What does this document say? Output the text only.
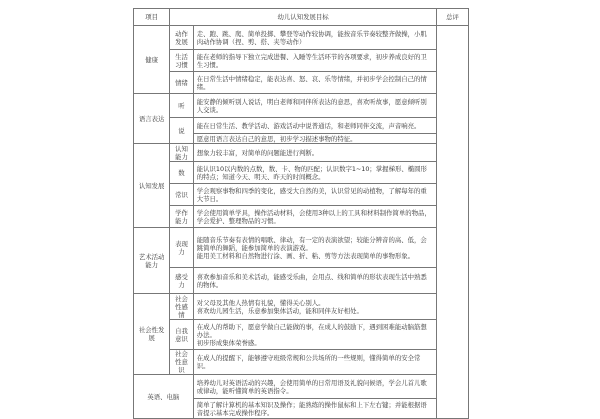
项目	幼儿认知发展目标		总评
健康	动作发展	走、跑、跳、爬、简单投掷、攀登等动作较协调，能按音乐节奏较整齐做操，小肌肉动作协调（捏、剪、搭、夹等动作）	
	生活习惯	能在老师的指导下独立完成进餐、入睡等生活环节的各项要求，初步养成良好的卫生习惯。	
	情绪	在日常生活中情绪稳定，能表达喜、怒、哀、乐等情绪，并初步学会控制自己的情绪。	
语言表达	听	能安静的倾听别人说话，明白老师和同伴所表达的意思，喜欢听故事，愿意倾听别人交谈。	
	说	能在日常生活、教学活动、游戏活动中说普通话，和老师同伴交流，声音响亮。	
		愿意用语言表达自己的意思，初步学习描述事物的特征。	
认知发展	认知能力	想象力较丰富，对简单的问题能进行判断。	
	数	能认识10以内数的点数，数、卡、物的匹配；认识数字1~10；掌握梯形、椭圆形的特点；知道今天、明天、昨天的时间概念。	
	常识	学会观察事物和四季的变化，感受大自然的美，认识常见的动植物，了解每年的重大节日。	
	学作能力	学会使用简单学具，操作活动材料，会使用3种以上的工具和材料制作简单的物品，学会爱护、整理物品的习惯。	
艺术活动能力	表现力	能随音乐节奏有表情的唱歌、律动，有一定的表演欲望；较能分辨音的高、低，会跳简单的舞蹈，能参加简单的表演游戏。
能用美工材料和自然物进行涂、画、折、粘、剪等方法表现简单的事物形象。	
	感受力	喜欢参加音乐和美术活动，能感受乐曲，会用点、线和简单的形状表现生活中熟悉的物体。	
社会性发展	社会性感情	对父母及其他人热情有礼貌，懂得关心别人。
喜欢幼儿园生活，乐意参加集体活动，能和同伴友好相处。	
	自我意识	在成人的帮助下，愿意学做自己能做的事，在成人的鼓励下，遇到困难能动脑筋想办法。
初步形成集体荣誉感。	
	社会性意识	在成人的提醒下，能够遵守班级常规和公共场所的一些规则，懂得简单的安全常识。	
英语、电脑		培养幼儿对英语活动的兴趣，会使用简单的日常用语及礼貌问候语，学会儿首儿歌或律动，能听懂简单的英语指令。	
		简单了解计算机的基本知识及操作；能熟练的操作鼠标和上下左右键；并能根据语音提示基本完成操作程序。	
